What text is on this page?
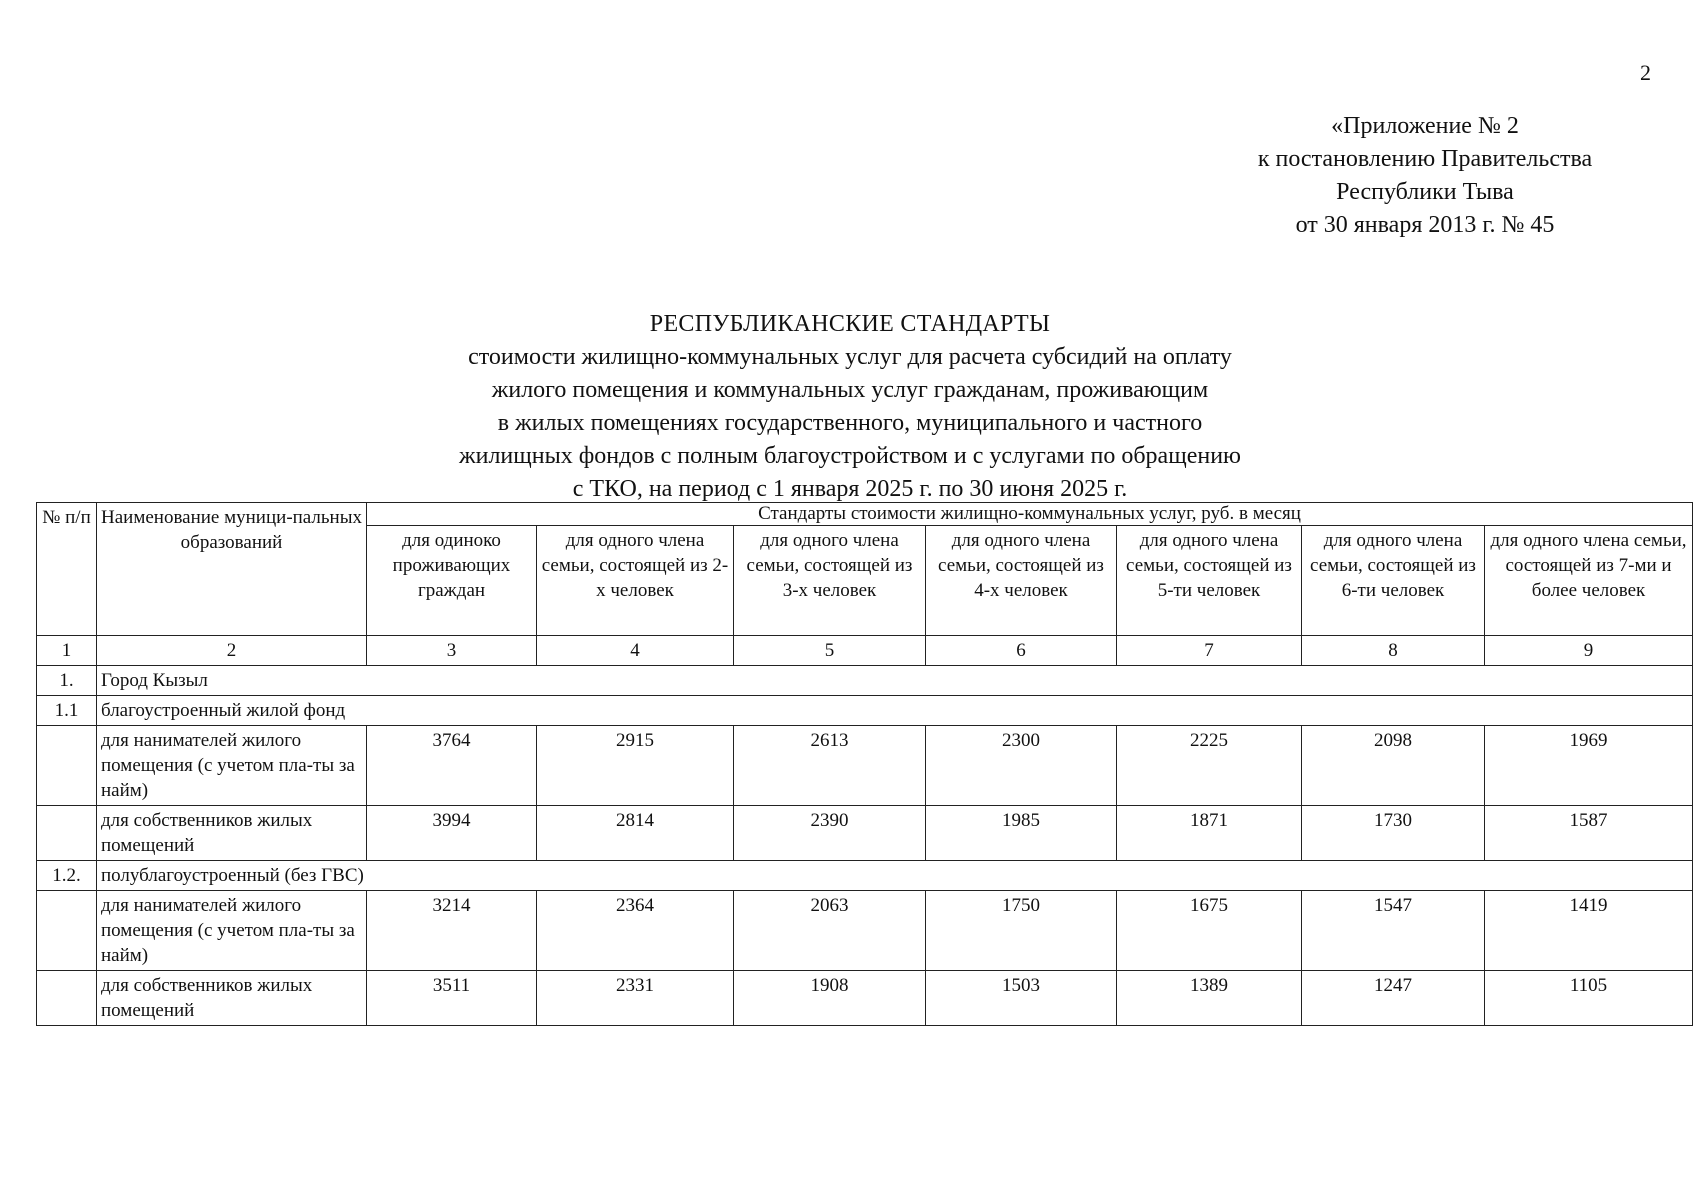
2
«Приложение № 2
к постановлению Правительства
Республики Тыва
от 30 января 2013 г. № 45
РЕСПУБЛИКАНСКИЕ СТАНДАРТЫ
стоимости жилищно-коммунальных услуг для расчета субсидий на оплату
жилого помещения и коммунальных услуг гражданам, проживающим
в жилых помещениях государственного, муниципального и частного
жилищных фондов с полным благоустройством и с услугами по обращению
с ТКО, на период с 1 января 2025 г. по 30 июня 2025 г.
№ п/п	Наименование муници-пальных образований	Стандарты стоимости жилищно-коммунальных услуг, руб. в месяц						
		для одиноко проживающих граждан	для одного члена семьи, состоящей из 2-х человек	для одного члена семьи, состоящей из 3-х человек	для одного члена семьи, состоящей из 4-х человек	для одного члена семьи, состоящей из 5-ти человек	для одного члена семьи, состоящей из 6-ти человек	для одного члена семьи, состоящей из 7-ми и более человек
1	2	3	4	5	6	7	8	9
1.	Город Кызыл							
1.1	благоустроенный жилой фонд							
	для нанимателей жилого помещения (с учетом пла-ты за найм)	3764	2915	2613	2300	2225	2098	1969
	для собственников жилых помещений	3994	2814	2390	1985	1871	1730	1587
1.2.	полублагоустроенный (без ГВС)							
	для нанимателей жилого помещения (с учетом пла-ты за найм)	3214	2364	2063	1750	1675	1547	1419
	для собственников жилых помещений	3511	2331	1908	1503	1389	1247	1105
